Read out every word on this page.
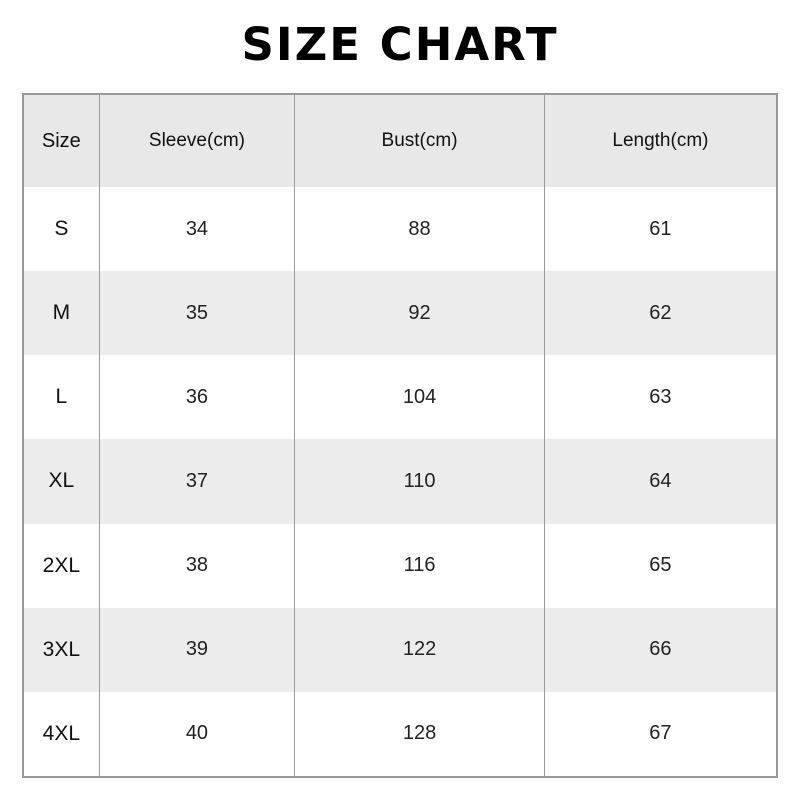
SIZE CHART
Size	Sleeve(cm)	Bust(cm)	Length(cm)
S	34	88	61
M	35	92	62
L	36	104	63
XL	37	110	64
2XL	38	116	65
3XL	39	122	66
4XL	40	128	67
